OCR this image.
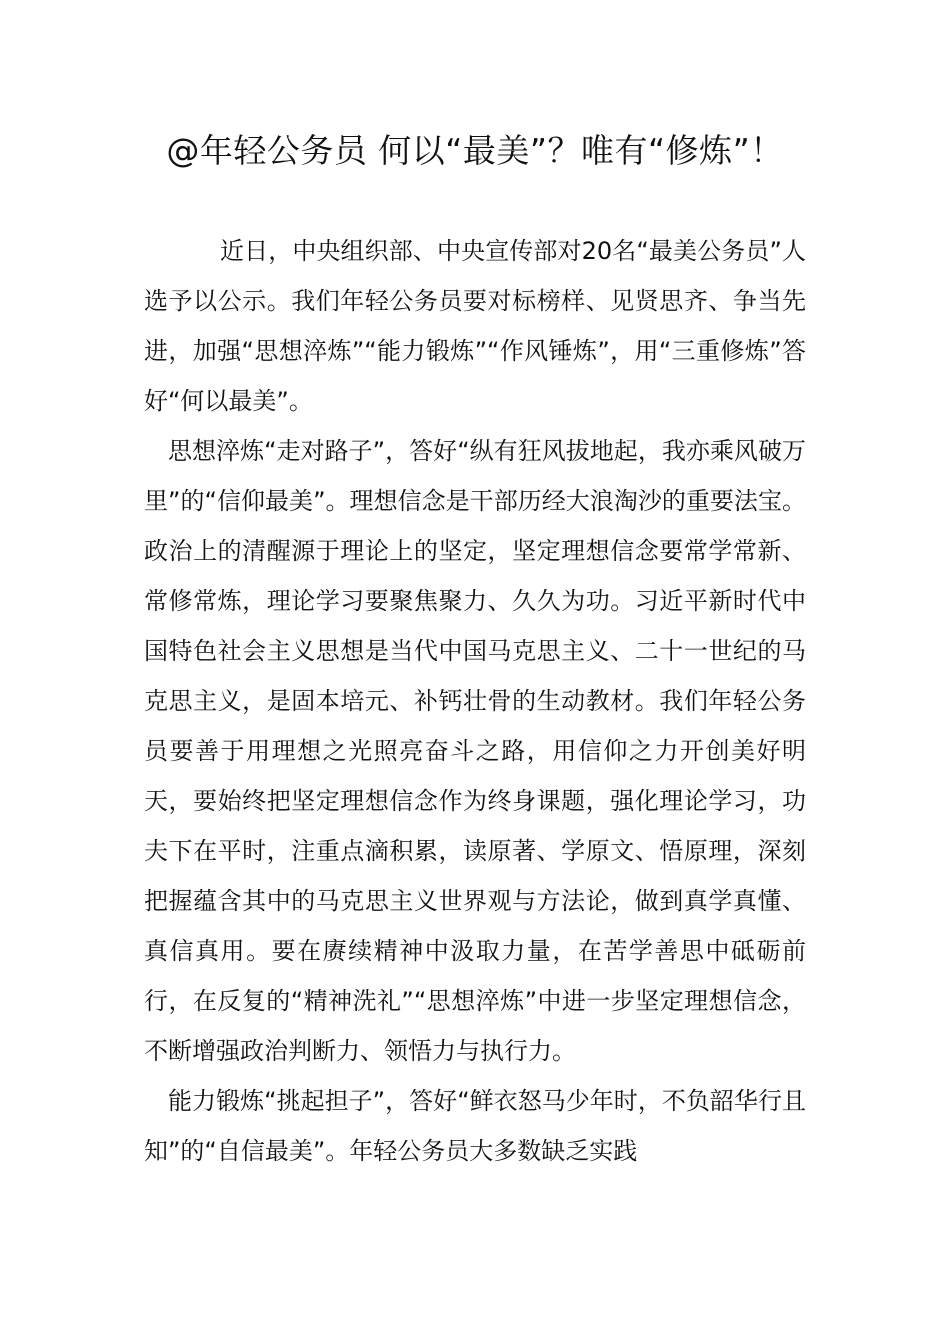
@年轻公务员 何以“最美”？唯有“修炼”！

近日，中央组织部、中央宣传部对20名“最美公务员”人选予以公示。我们年轻公务员要对标榜样、见贤思齐、争当先进，加强“思想淬炼”“能力锻炼”“作风锤炼”，用“三重修炼”答好“何以最美”。

思想淬炼“走对路子”，答好“纵有狂风拔地起，我亦乘风破万里”的“信仰最美”。理想信念是干部历经大浪淘沙的重要法宝。政治上的清醒源于理论上的坚定，坚定理想信念要常学常新、常修常炼，理论学习要聚焦聚力、久久为功。习近平新时代中国特色社会主义思想是当代中国马克思主义、二十一世纪的马克思主义，是固本培元、补钙壮骨的生动教材。我们年轻公务员要善于用理想之光照亮奋斗之路，用信仰之力开创美好明天，要始终把坚定理想信念作为终身课题，强化理论学习，功夫下在平时，注重点滴积累，读原著、学原文、悟原理，深刻把握蕴含其中的马克思主义世界观与方法论，做到真学真懂、真信真用。要在赓续精神中汲取力量，在苦学善思中砥砺前行，在反复的“精神洗礼”“思想淬炼”中进一步坚定理想信念，不断增强政治判断力、领悟力与执行力。

能力锻炼“挑起担子”，答好“鲜衣怒马少年时，不负韶华行且知”的“自信最美”。年轻公务员大多数缺乏实践
